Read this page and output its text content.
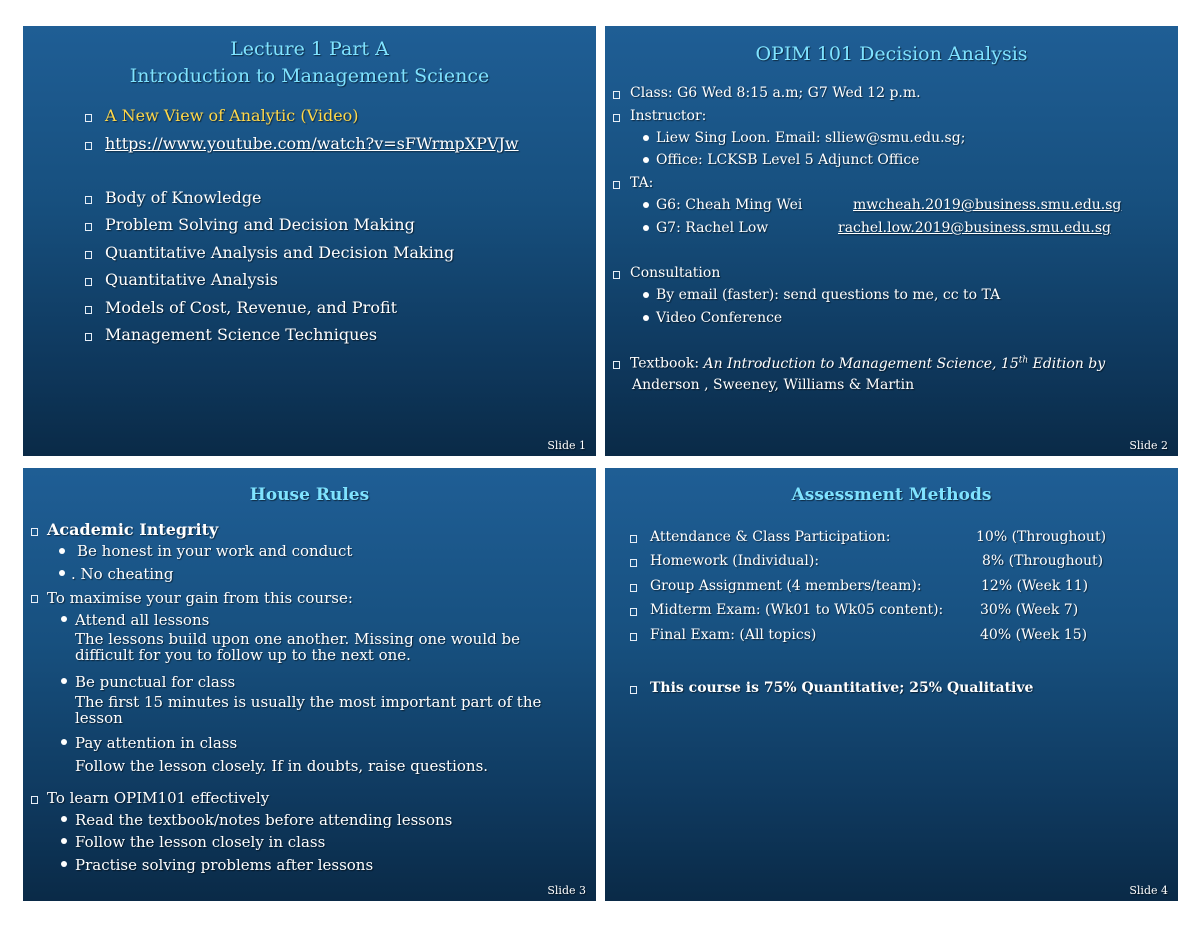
Lecture 1 Part A
Introduction to Management Science
A New View of Analytic (Video)
https://www.youtube.com/watch?v=sFWrmpXPVJw
Body of Knowledge
Problem Solving and Decision Making
Quantitative Analysis and Decision Making
Quantitative Analysis
Models of Cost, Revenue, and Profit
Management Science Techniques
Slide 1
OPIM 101 Decision Analysis
Class: G6 Wed 8:15 a.m; G7 Wed 12 p.m.
Instructor:
Liew Sing Loon. Email: slliew@smu.edu.sg;
Office: LCKSB Level 5 Adjunct Office
TA:
G6: Cheah Ming Wei	mwcheah.2019@business.smu.edu.sg
G7: Rachel Low	rachel.low.2019@business.smu.edu.sg
Consultation
By email (faster): send questions to me, cc to TA
Video Conference
Textbook: An Introduction to Management Science, 15th Edition by
Anderson , Sweeney, Williams & Martin
Slide 2
House Rules
Academic Integrity
Be honest in your work and conduct
. No cheating
To maximise your gain from this course:
Attend all lessons
The lessons build upon one another. Missing one would be
difficult for you to follow up to the next one.
Be punctual for class
The first 15 minutes is usually the most important part of the
lesson
Pay attention in class
Follow the lesson closely. If in doubts, raise questions.
To learn OPIM101 effectively
Read the textbook/notes before attending lessons
Follow the lesson closely in class
Practise solving problems after lessons
Slide 3
Assessment Methods
Attendance & Class Participation:	10% (Throughout)
Homework (Individual):	8% (Throughout)
Group Assignment (4 members/team):	12% (Week 11)
Midterm Exam: (Wk01 to Wk05 content):	30% (Week 7)
Final Exam: (All topics)	40% (Week 15)
This course is 75% Quantitative; 25% Qualitative
Slide 4
